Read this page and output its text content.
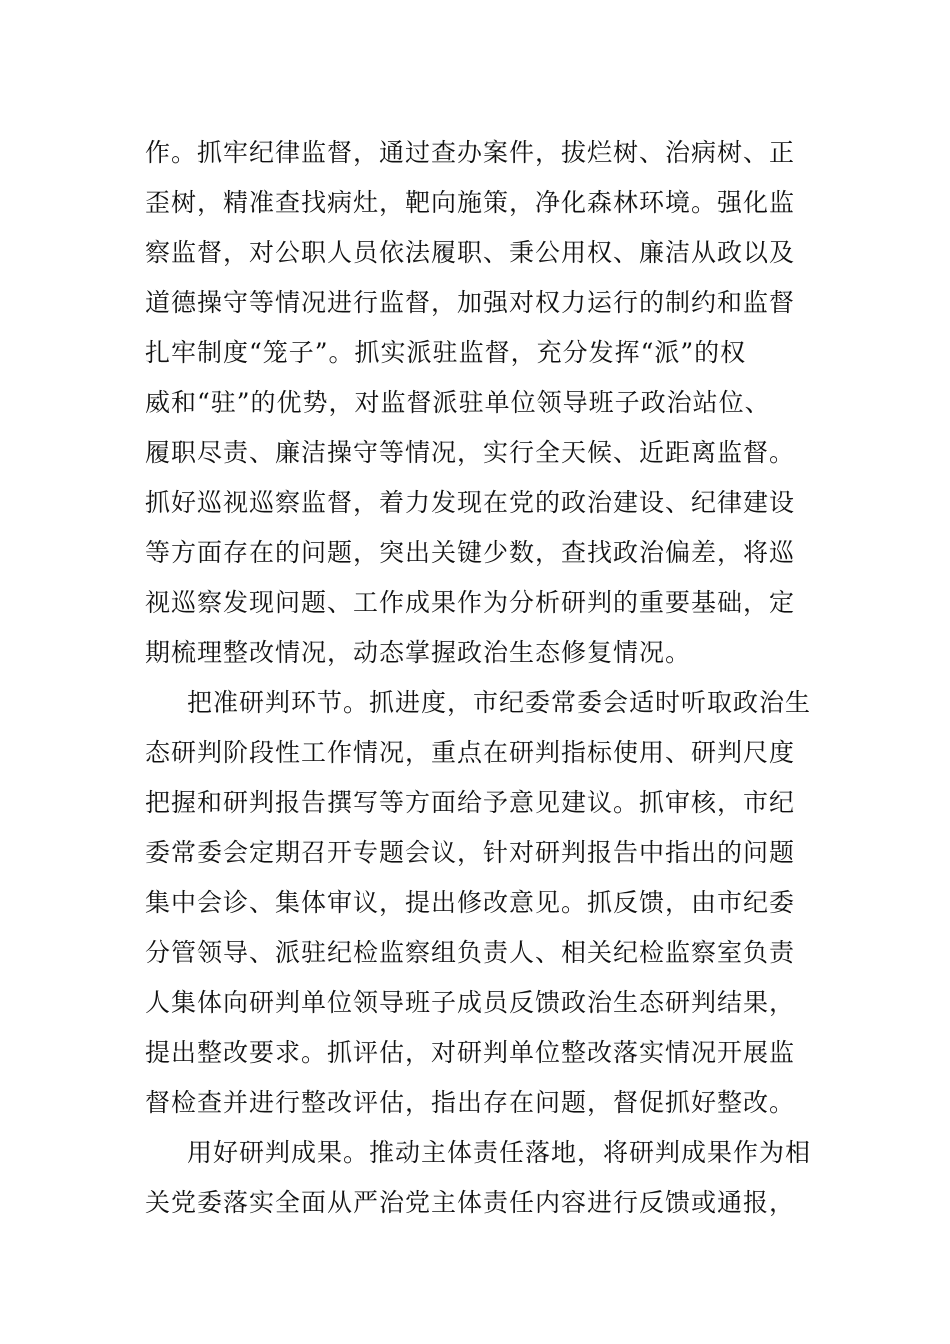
作。抓牢纪律监督，通过查办案件，拔烂树、治病树、正
歪树，精准查找病灶，靶向施策，净化森林环境。强化监
察监督，对公职人员依法履职、秉公用权、廉洁从政以及
道德操守等情况进行监督，加强对权力运行的制约和监督
扎牢制度“笼子”。抓实派驻监督，充分发挥“派”的权
威和“驻”的优势，对监督派驻单位领导班子政治站位、
履职尽责、廉洁操守等情况，实行全天候、近距离监督。
抓好巡视巡察监督，着力发现在党的政治建设、纪律建设
等方面存在的问题，突出关键少数，查找政治偏差，将巡
视巡察发现问题、工作成果作为分析研判的重要基础，定
期梳理整改情况，动态掌握政治生态修复情况。
把准研判环节。抓进度，市纪委常委会适时听取政治生
态研判阶段性工作情况，重点在研判指标使用、研判尺度
把握和研判报告撰写等方面给予意见建议。抓审核，市纪
委常委会定期召开专题会议，针对研判报告中指出的问题
集中会诊、集体审议，提出修改意见。抓反馈，由市纪委
分管领导、派驻纪检监察组负责人、相关纪检监察室负责
人集体向研判单位领导班子成员反馈政治生态研判结果，
提出整改要求。抓评估，对研判单位整改落实情况开展监
督检查并进行整改评估，指出存在问题，督促抓好整改。
用好研判成果。推动主体责任落地，将研判成果作为相
关党委落实全面从严治党主体责任内容进行反馈或通报，
